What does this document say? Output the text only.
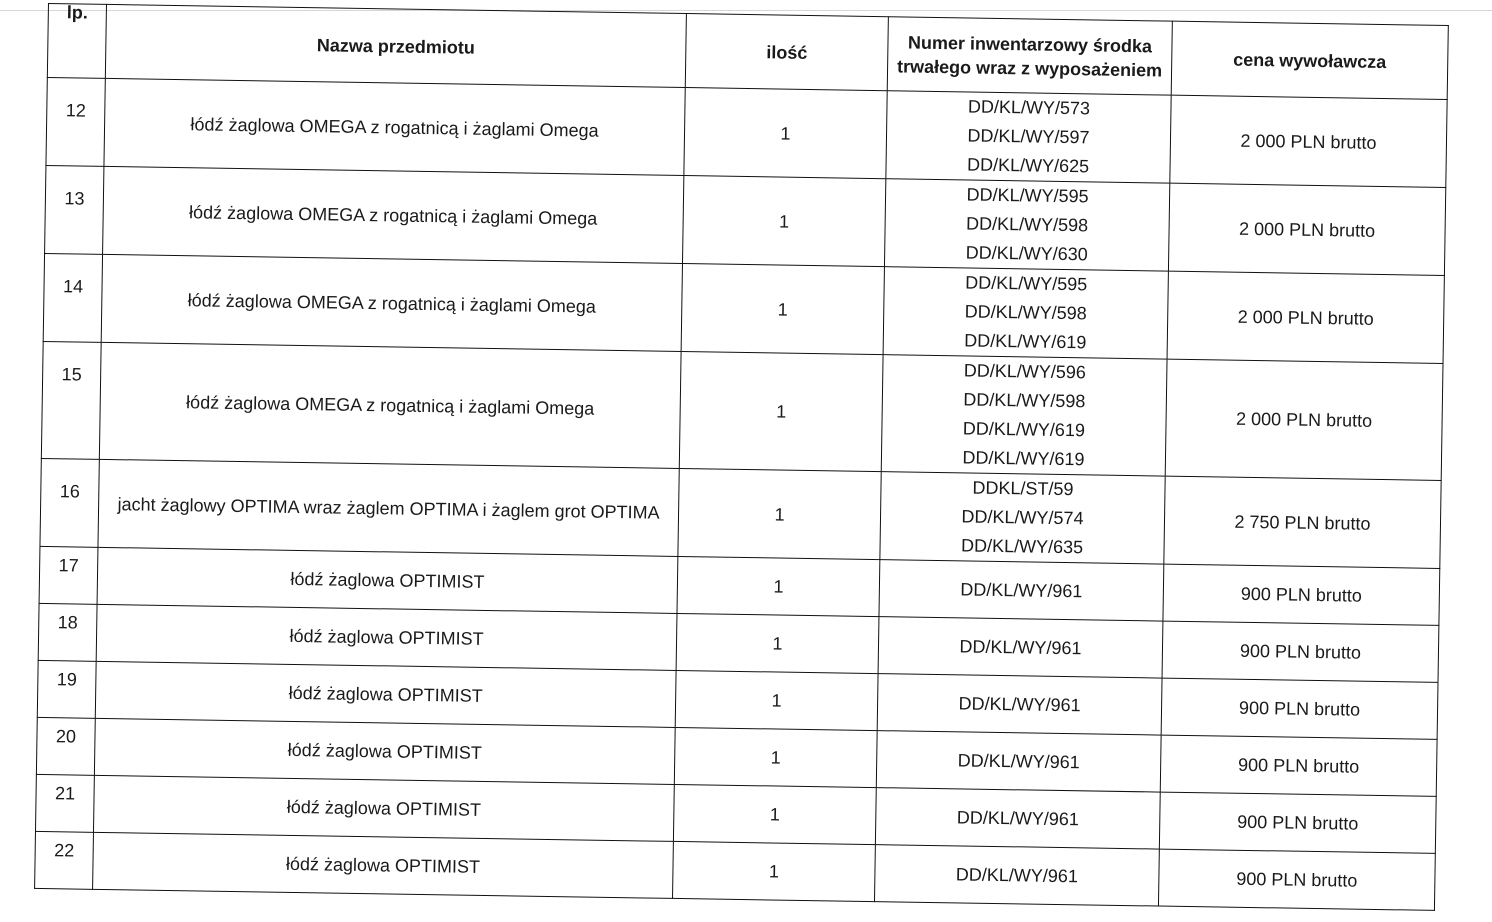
lp.	Nazwa przedmiotu	ilość	Numer inwentarzowy środka trwałego wraz z wyposażeniem	cena wywoławcza
12	łódź żaglowa OMEGA z rogatnicą i żaglami Omega	1	DD/KL/WY/573
DD/KL/WY/597
DD/KL/WY/625	2 000 PLN brutto
13	łódź żaglowa OMEGA z rogatnicą i żaglami Omega	1	DD/KL/WY/595
DD/KL/WY/598
DD/KL/WY/630	2 000 PLN brutto
14	łódź żaglowa OMEGA z rogatnicą i żaglami Omega	1	DD/KL/WY/595
DD/KL/WY/598
DD/KL/WY/619	2 000 PLN brutto
15	łódź żaglowa OMEGA z rogatnicą i żaglami Omega	1	DD/KL/WY/596
DD/KL/WY/598
DD/KL/WY/619
DD/KL/WY/619	2 000 PLN brutto
16	jacht żaglowy OPTIMA wraz żaglem OPTIMA i żaglem grot OPTIMA	1	DDKL/ST/59
DD/KL/WY/574
DD/KL/WY/635	2 750 PLN brutto
17	łódź żaglowa OPTIMIST	1	DD/KL/WY/961	900 PLN brutto
18	łódź żaglowa OPTIMIST	1	DD/KL/WY/961	900 PLN brutto
19	łódź żaglowa OPTIMIST	1	DD/KL/WY/961	900 PLN brutto
20	łódź żaglowa OPTIMIST	1	DD/KL/WY/961	900 PLN brutto
21	łódź żaglowa OPTIMIST	1	DD/KL/WY/961	900 PLN brutto
22	łódź żaglowa OPTIMIST	1	DD/KL/WY/961	900 PLN brutto
